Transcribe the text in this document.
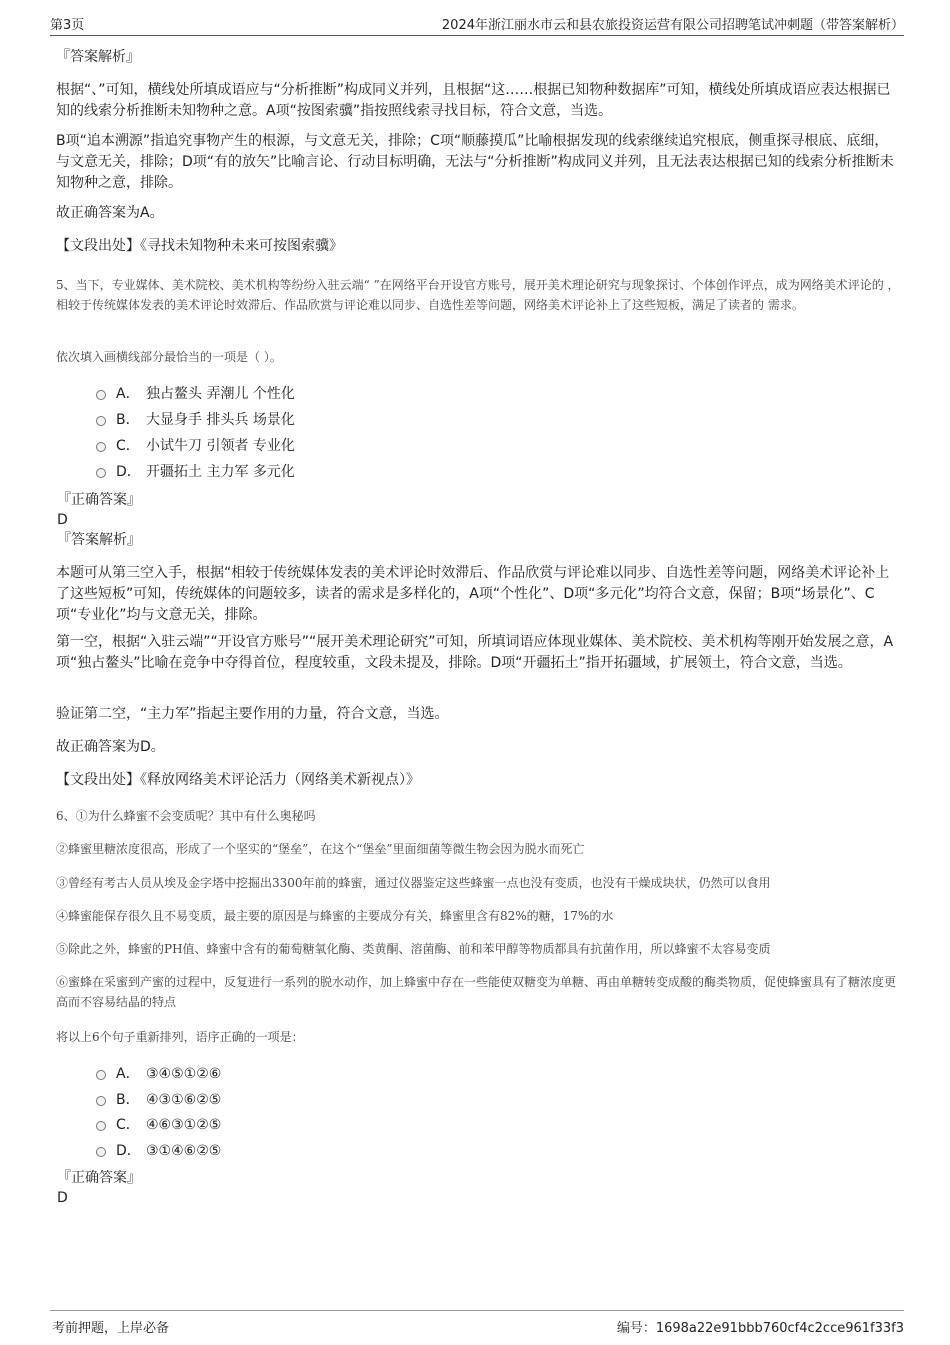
第3页	2024年浙江丽水市云和县农旅投资运营有限公司招聘笔试冲刺题（带答案解析）
『答案解析』
根据“、”可知，横线处所填成语应与“分析推断”构成同义并列，且根据“这……根据已知物种数据库”可知，横线处所填成语应表达根据已知的线索分析推断未知物种之意。A项“按图索骥”指按照线索寻找目标，符合文意，当选。
B项“追本溯源”指追究事物产生的根源，与文意无关，排除；C项“顺藤摸瓜”比喻根据发现的线索继续追究根底，侧重探寻根底、底细，与文意无关，排除；D项“有的放矢”比喻言论、行动目标明确，无法与“分析推断”构成同义并列，且无法表达根据已知的线索分析推断未知物种之意，排除。
故正确答案为A。
【文段出处】《寻找未知物种未来可按图索骥》
5、当下，专业媒体、美术院校、美术机构等纷纷入驻云端“ ”在网络平台开设官方账号，展开美术理论研究与现象探讨、个体创作评点，成为网络美术评论的 ，相较于传统媒体发表的美术评论时效滞后、作品欣赏与评论难以同步、自选性差等问题，网络美术评论补上了这些短板，满足了读者的 需求。
依次填入画横线部分最恰当的一项是（ ）。
A． 独占鳌头 弄潮儿 个性化
B． 大显身手 排头兵 场景化
C． 小试牛刀 引领者 专业化
D． 开疆拓土 主力军 多元化
『正确答案』
D
『答案解析』
本题可从第三空入手，根据“相较于传统媒体发表的美术评论时效滞后、作品欣赏与评论难以同步、自选性差等问题，网络美术评论补上了这些短板”可知，传统媒体的问题较多，读者的需求是多样化的，A项“个性化”、D项“多元化”均符合文意，保留；B项“场景化”、C项“专业化”均与文意无关，排除。
第一空，根据“入驻云端”“开设官方账号”“展开美术理论研究”可知，所填词语应体现业媒体、美术院校、美术机构等刚开始发展之意，A项“独占鳌头”比喻在竞争中夺得首位，程度较重，文段未提及，排除。D项“开疆拓土”指开拓疆域，扩展领土，符合文意，当选。
验证第二空，“主力军”指起主要作用的力量，符合文意，当选。
故正确答案为D。
【文段出处】《释放网络美术评论活力（网络美术新视点）》
6、①为什么蜂蜜不会变质呢？其中有什么奥秘吗
②蜂蜜里糖浓度很高，形成了一个坚实的“堡垒”，在这个“堡垒”里面细菌等微生物会因为脱水而死亡
③曾经有考古人员从埃及金字塔中挖掘出3300年前的蜂蜜，通过仪器鉴定这些蜂蜜一点也没有变质，也没有干燥成块状，仍然可以食用
④蜂蜜能保存很久且不易变质，最主要的原因是与蜂蜜的主要成分有关，蜂蜜里含有82%的糖，17%的水
⑤除此之外，蜂蜜的PH值、蜂蜜中含有的葡萄糖氧化酶、类黄酮、溶菌酶、前和苯甲醇等物质都具有抗菌作用，所以蜂蜜不太容易变质
⑥蜜蜂在采蜜到产蜜的过程中，反复进行一系列的脱水动作，加上蜂蜜中存在一些能使双糖变为单糖、再由单糖转变成酸的酶类物质，促使蜂蜜具有了糖浓度更高而不容易结晶的特点
将以上6个句子重新排列，语序正确的一项是：
A． ③④⑤①②⑥
B． ④③①⑥②⑤
C． ④⑥③①②⑤
D． ③①④⑥②⑤
『正确答案』
D
考前押题，上岸必备	编号：1698a22e91bbb760cf4c2cce961f33f3
